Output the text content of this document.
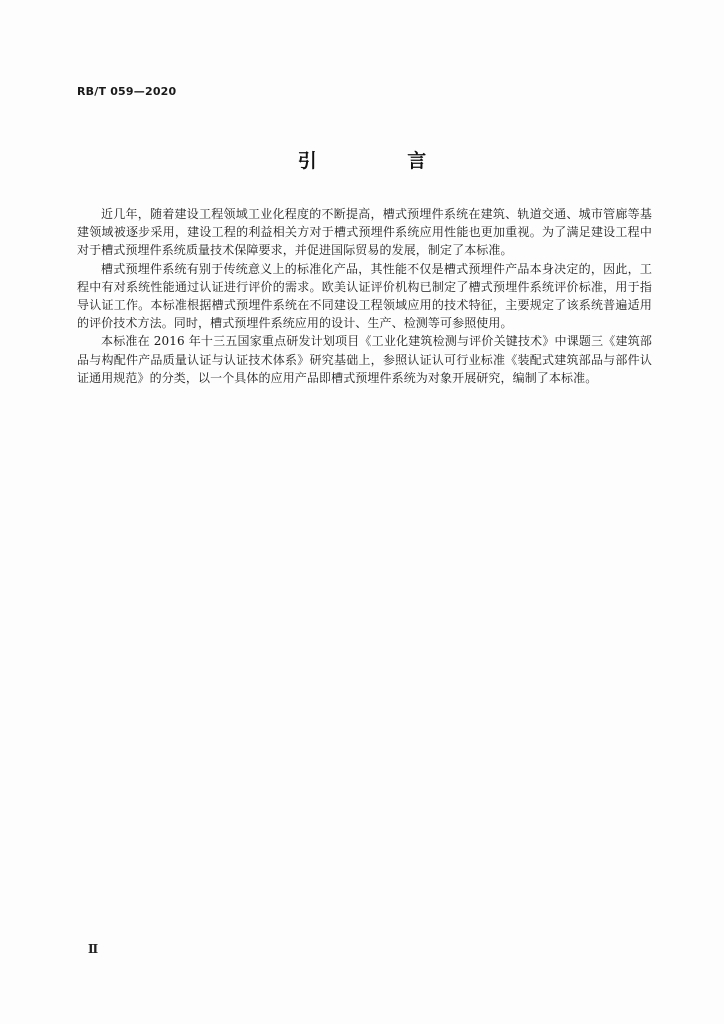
RB/T 059—2020
引 言

近几年，随着建设工程领域工业化程度的不断提高，槽式预埋件系统在建筑、轨道交通、城市管廊等基建领域被逐步采用，建设工程的利益相关方对于槽式预埋件系统应用性能也更加重视。为了满足建设工程中对于槽式预埋件系统质量技术保障要求，并促进国际贸易的发展，制定了本标准。

槽式预埋件系统有别于传统意义上的标准化产品，其性能不仅是槽式预埋件产品本身决定的，因此，工程中有对系统性能通过认证进行评价的需求。欧美认证评价机构已制定了槽式预埋件系统评价标准，用于指导认证工作。本标准根据槽式预埋件系统在不同建设工程领域应用的技术特征，主要规定了该系统普遍适用的评价技术方法。同时，槽式预埋件系统应用的设计、生产、检测等可参照使用。

本标准在 2016 年十三五国家重点研发计划项目《工业化建筑检测与评价关键技术》中课题三《建筑部品与构配件产品质量认证与认证技术体系》研究基础上，参照认证认可行业标准《装配式建筑部品与部件认证通用规范》的分类，以一个具体的应用产品即槽式预埋件系统为对象开展研究，编制了本标准。

Ⅱ
